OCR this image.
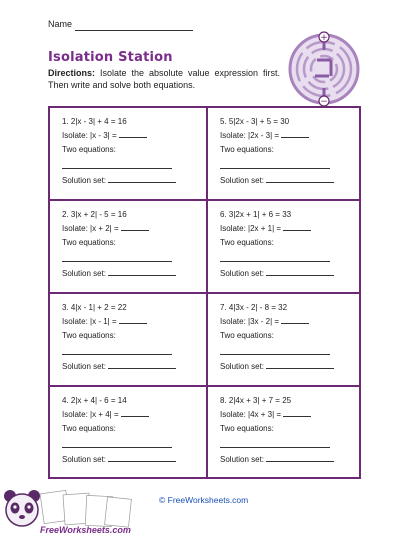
Name
Isolation Station
Directions: Isolate the absolute value expression first. Then write and solve both equations.
+
−
1. 2|x - 3| + 4 = 16
Isolate: |x - 3| =
Two equations:
Solution set:
5. 5|2x - 3| + 5 = 30
Isolate: |2x - 3| =
Two equations:
Solution set:
2. 3|x + 2| - 5 = 16
Isolate: |x + 2| =
Two equations:
Solution set:
6. 3|2x + 1| + 6 = 33
Isolate: |2x + 1| =
Two equations:
Solution set:
3. 4|x - 1| + 2 = 22
Isolate: |x - 1| =
Two equations:
Solution set:
7. 4|3x - 2| - 8 = 32
Isolate: |3x - 2| =
Two equations:
Solution set:
4. 2|x + 4| - 6 = 14
Isolate: |x + 4| =
Two equations:
Solution set:
8. 2|4x + 3| + 7 = 25
Isolate: |4x + 3| =
Two equations:
Solution set:
© FreeWorksheets.com
FreeWorksheets.com
